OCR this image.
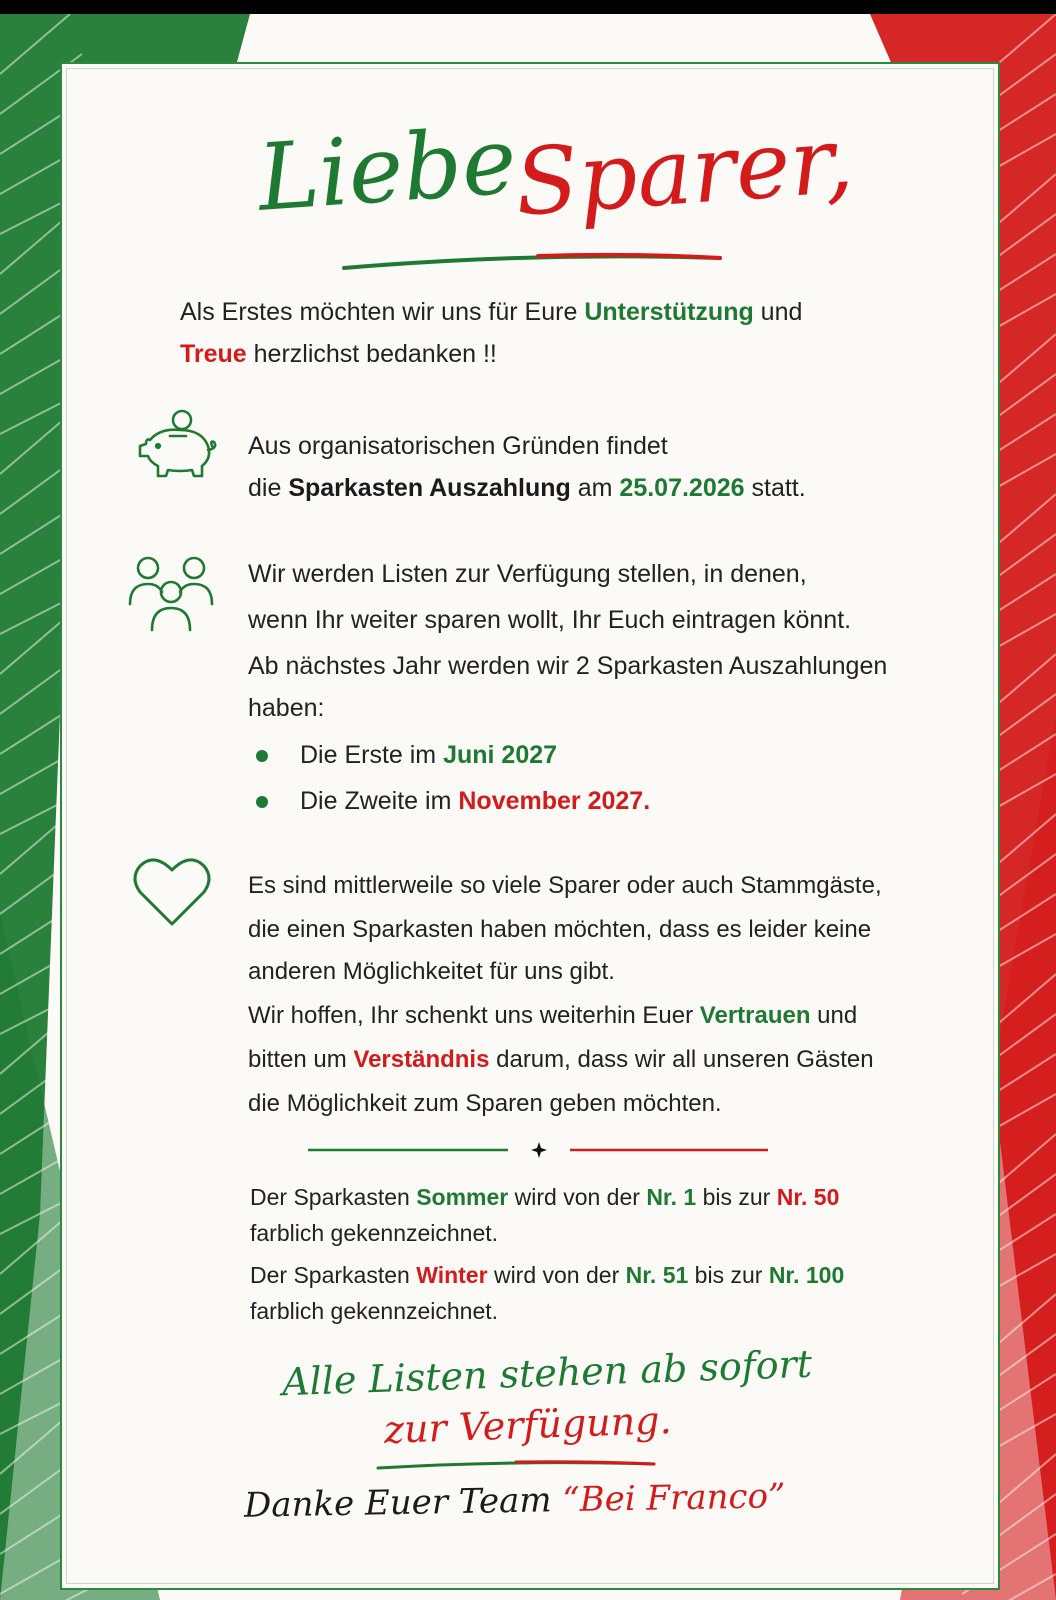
Liebe
Sparer,
Als Erstes möchten wir uns für Eure Unterstützung und
Treue herzlichst bedanken !!
Aus organisatorischen Gründen findet
die Sparkasten Auszahlung am 25.07.2026 statt.
Wir werden Listen zur Verfügung stellen, in denen,
wenn Ihr weiter sparen wollt, Ihr Euch eintragen könnt.
Ab nächstes Jahr werden wir 2 Sparkasten Auszahlungen
haben:
Die Erste im Juni 2027
Die Zweite im November 2027.
Es sind mittlerweile so viele Sparer oder auch Stammgäste,
die einen Sparkasten haben möchten, dass es leider keine
anderen Möglichkeitet für uns gibt.
Wir hoffen, Ihr schenkt uns weiterhin Euer Vertrauen und
bitten um Verständnis darum, dass wir all unseren Gästen
die Möglichkeit zum Sparen geben möchten.
Der Sparkasten Sommer wird von der Nr. 1 bis zur Nr. 50
farblich gekennzeichnet.
Der Sparkasten Winter wird von der Nr. 51 bis zur Nr. 100
farblich gekennzeichnet.
Alle Listen stehen ab sofort
zur Verfügung.
Danke Euer Team “Bei Franco”
